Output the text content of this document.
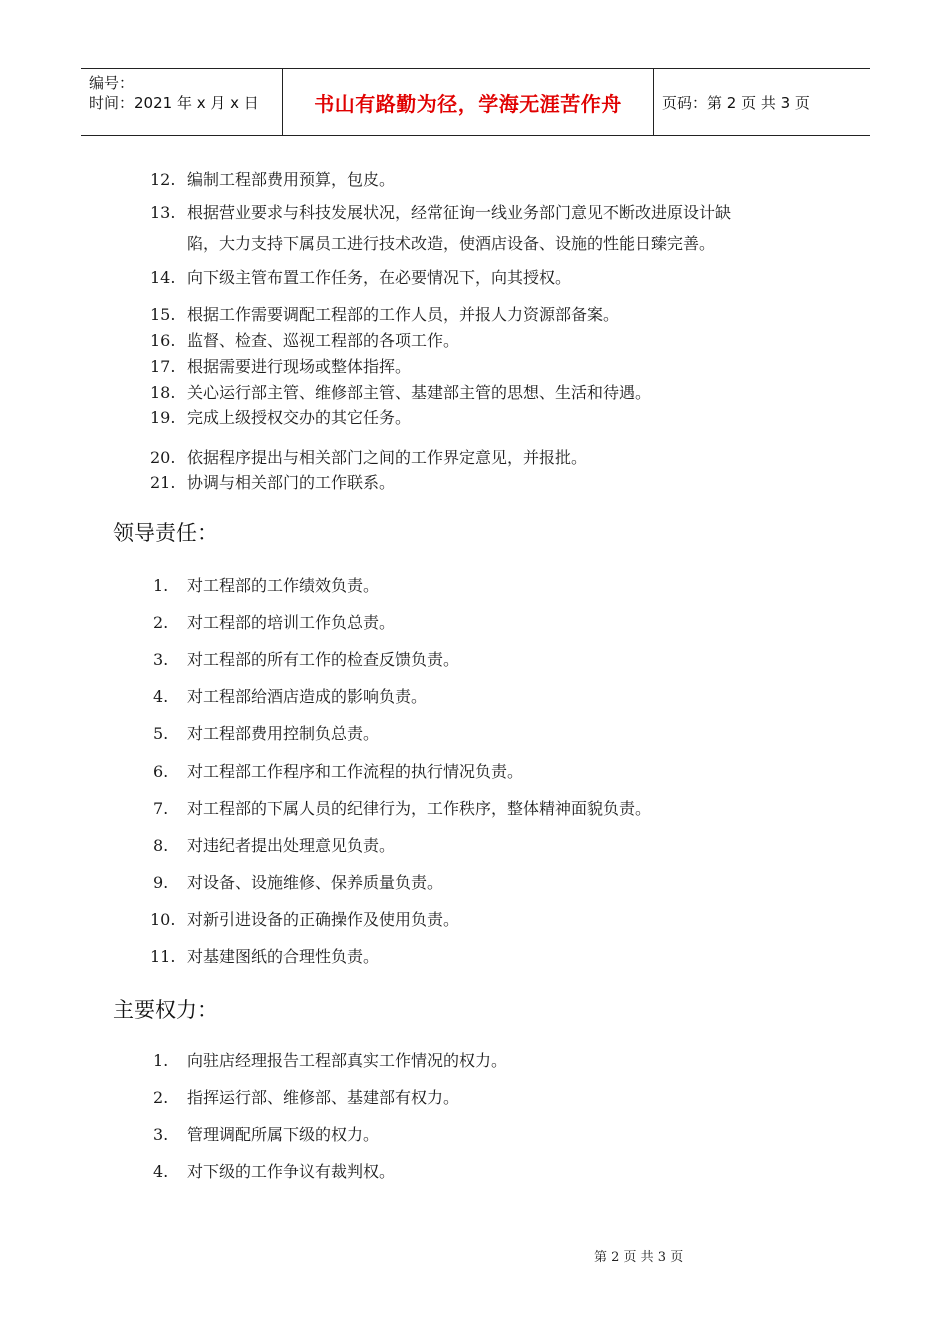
编号：
时间：2021 年 x 月 x 日	书山有路勤为径，学海无涯苦作舟	页码：第 2 页 共 3 页
12. 编制工程部费用预算，包皮。
13. 根据营业要求与科技发展状况，经常征询一线业务部门意见不断改进原设计缺
陷，大力支持下属员工进行技术改造，使酒店设备、设施的性能日臻完善。
14. 向下级主管布置工作任务，在必要情况下，向其授权。
15. 根据工作需要调配工程部的工作人员，并报人力资源部备案。
16. 监督、检查、巡视工程部的各项工作。
17. 根据需要进行现场或整体指挥。
18. 关心运行部主管、维修部主管、基建部主管的思想、生活和待遇。
19. 完成上级授权交办的其它任务。
20. 依据程序提出与相关部门之间的工作界定意见，并报批。
21. 协调与相关部门的工作联系。
领导责任：
1. 对工程部的工作绩效负责。
2. 对工程部的培训工作负总责。
3. 对工程部的所有工作的检查反馈负责。
4. 对工程部给酒店造成的影响负责。
5. 对工程部费用控制负总责。
6. 对工程部工作程序和工作流程的执行情况负责。
7. 对工程部的下属人员的纪律行为，工作秩序，整体精神面貌负责。
8. 对违纪者提出处理意见负责。
9. 对设备、设施维修、保养质量负责。
10. 对新引进设备的正确操作及使用负责。
11. 对基建图纸的合理性负责。
主要权力：
1. 向驻店经理报告工程部真实工作情况的权力。
2. 指挥运行部、维修部、基建部有权力。
3. 管理调配所属下级的权力。
4. 对下级的工作争议有裁判权。
第 2 页 共 3 页
